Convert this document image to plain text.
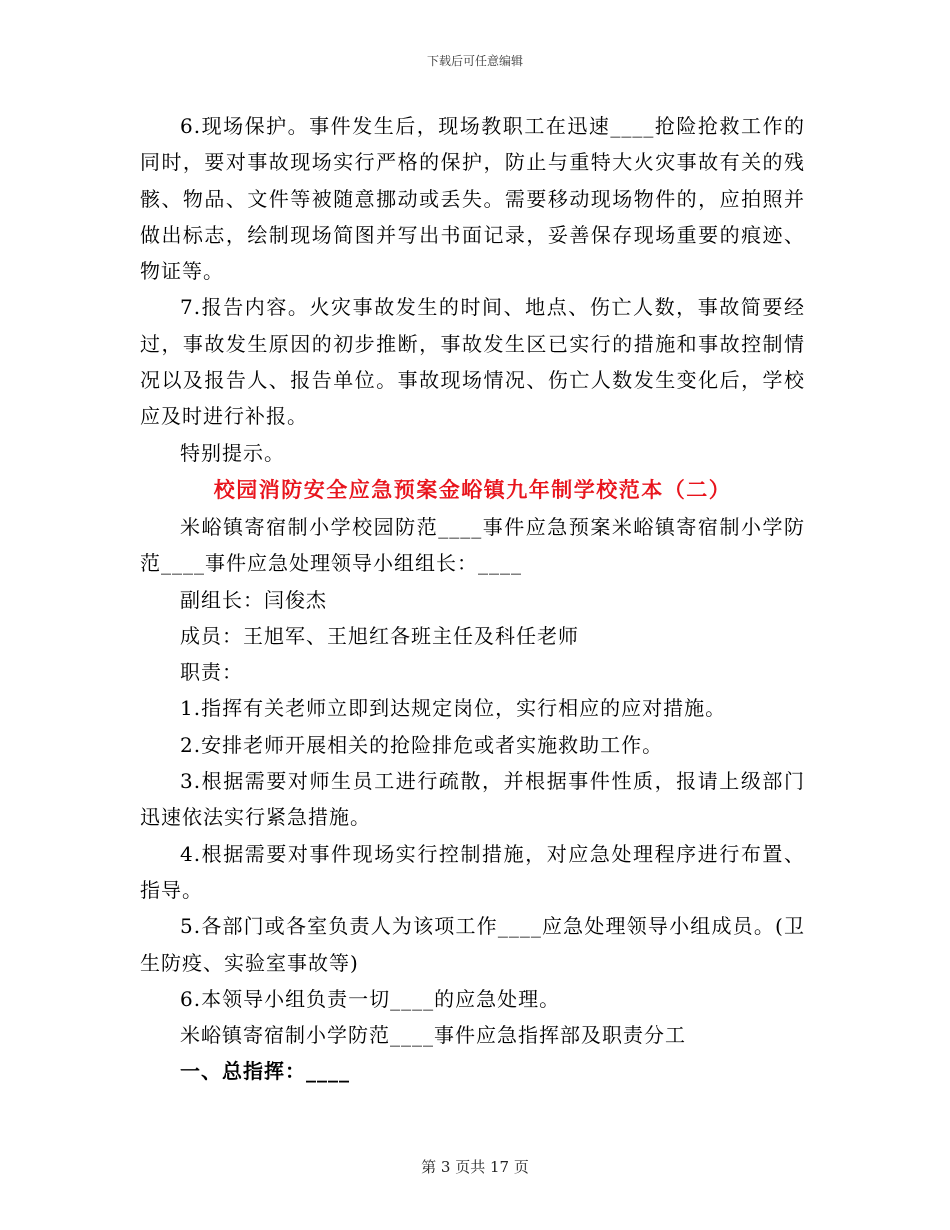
下载后可任意编辑

6.现场保护。事件发生后，现场教职工在迅速____抢险抢救工作的同时，要对事故现场实行严格的保护，防止与重特大火灾事故有关的残骸、物品、文件等被随意挪动或丢失。需要移动现场物件的，应拍照并做出标志，绘制现场简图并写出书面记录，妥善保存现场重要的痕迹、物证等。

7.报告内容。火灾事故发生的时间、地点、伤亡人数，事故简要经过，事故发生原因的初步推断，事故发生区已实行的措施和事故控制情况以及报告人、报告单位。事故现场情况、伤亡人数发生变化后，学校应及时进行补报。

特别提示。

校园消防安全应急预案金峪镇九年制学校范本（二）

米峪镇寄宿制小学校园防范____事件应急预案米峪镇寄宿制小学防范____事件应急处理领导小组组长：____

副组长：闫俊杰

成员：王旭军、王旭红各班主任及科任老师

职责：

1.指挥有关老师立即到达规定岗位，实行相应的应对措施。

2.安排老师开展相关的抢险排危或者实施救助工作。

3.根据需要对师生员工进行疏散，并根据事件性质，报请上级部门迅速依法实行紧急措施。

4.根据需要对事件现场实行控制措施，对应急处理程序进行布置、指导。

5.各部门或各室负责人为该项工作____应急处理领导小组成员。(卫生防疫、实验室事故等)

6.本领导小组负责一切____的应急处理。

米峪镇寄宿制小学防范____事件应急指挥部及职责分工

一、总指挥：____

第 3 页共 17 页
